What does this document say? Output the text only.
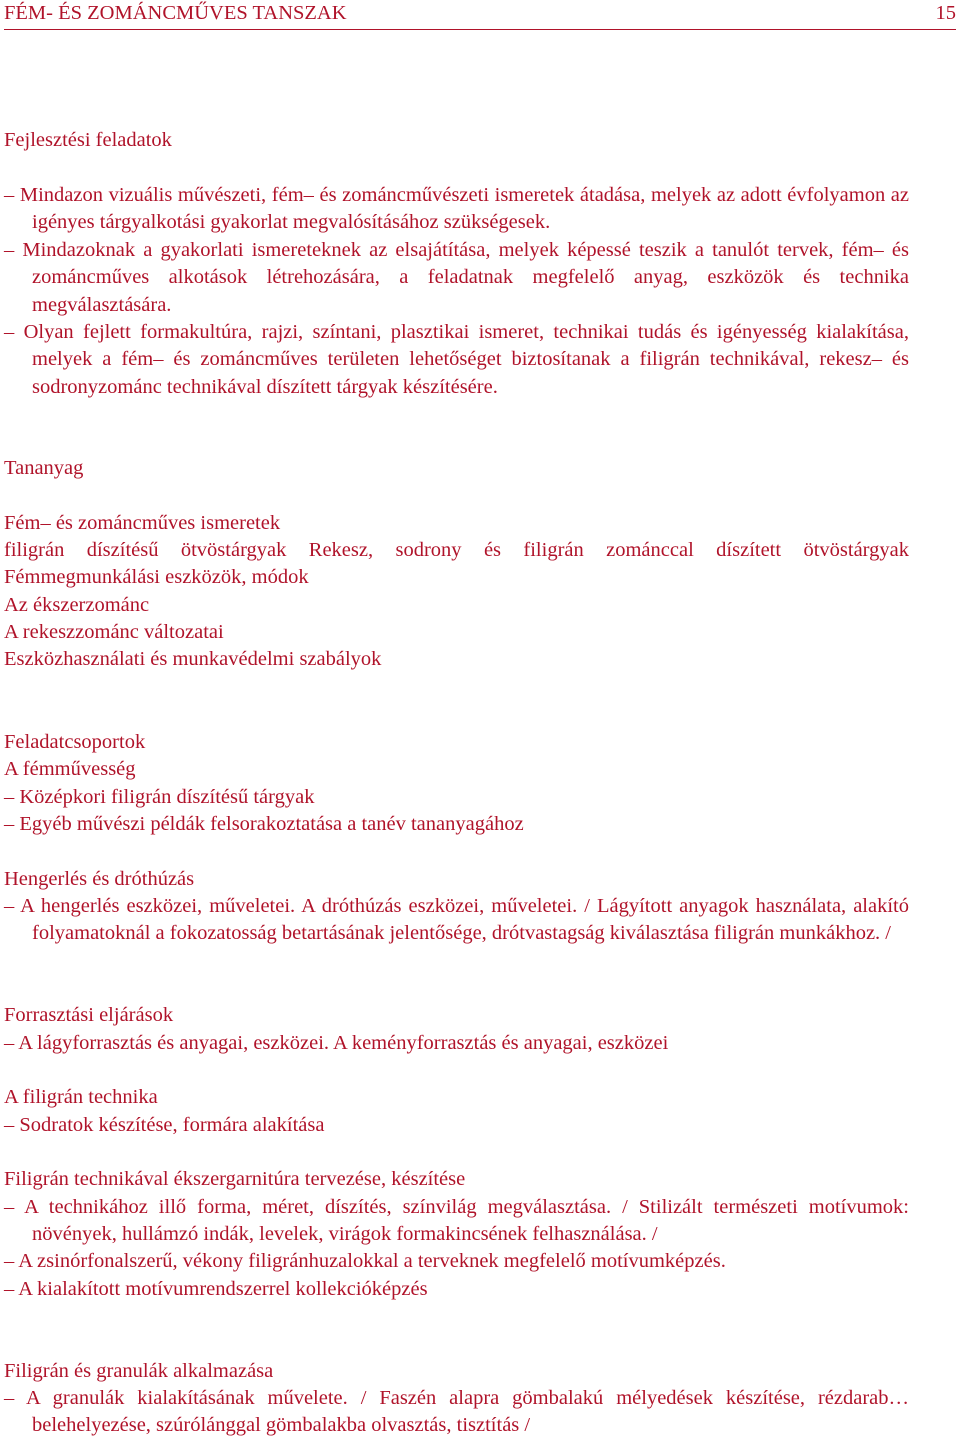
FÉM- ÉS ZOMÁNCMŰVES TANSZAK	15
Fejlesztési feladatok
– Mindazon vizuális művészeti, fém– és zománcművészeti ismeretek átadása, melyek az adott évfolyamon az igényes tárgyalkotási gyakorlat megvalósításához szükségesek.
– Mindazoknak a gyakorlati ismereteknek az elsajátítása, melyek képessé teszik a tanulót tervek, fém– és zománcműves alkotások létrehozására, a feladatnak megfelelő anyag, eszközök és technika megválasztására.
– Olyan fejlett formakultúra, rajzi, színtani, plasztikai ismeret, technikai tudás és igényesség kialakítása, melyek a fém– és zománcműves területen lehetőséget biztosítanak a filigrán technikával, rekesz– és sodronyzománc technikával díszített tárgyak készítésére.
Tananyag
Fém– és zománcműves ismeretek
filigrán díszítésű ötvöstárgyak Rekesz, sodrony és filigrán zománccal díszített ötvöstárgyak
Fémmegmunkálási eszközök, módok
Az ékszerzománc
A rekeszzománc változatai
Eszközhasználati és munkavédelmi szabályok
Feladatcsoportok
A fémművesség
– Középkori filigrán díszítésű tárgyak
– Egyéb művészi példák felsorakoztatása a tanév tananyagához
Hengerlés és dróthúzás
– A hengerlés eszközei, műveletei. A dróthúzás eszközei, műveletei. / Lágyított anyagok használata, alakító folyamatoknál a fokozatosság betartásának jelentősége, drótvastagság kiválasztása filigrán munkákhoz. /
Forrasztási eljárások
– A lágyforrasztás és anyagai, eszközei. A keményforrasztás és anyagai, eszközei
A filigrán technika
– Sodratok készítése, formára alakítása
Filigrán technikával ékszergarnitúra tervezése, készítése
– A technikához illő forma, méret, díszítés, színvilág megválasztása. / Stilizált természeti motívumok: növények, hullámzó indák, levelek, virágok formakincsének felhasználása. /
– A zsinórfonalszerű, vékony filigránhuzalokkal a terveknek megfelelő motívumképzés.
– A kialakított motívumrendszerrel kollekcióképzés
Filigrán és granulák alkalmazása
– A granulák kialakításának művelete. / Faszén alapra gömbalakú mélyedések készítése, rézdarab…belehelyezése, szúrólánggal gömbalakba olvasztás, tisztítás /
